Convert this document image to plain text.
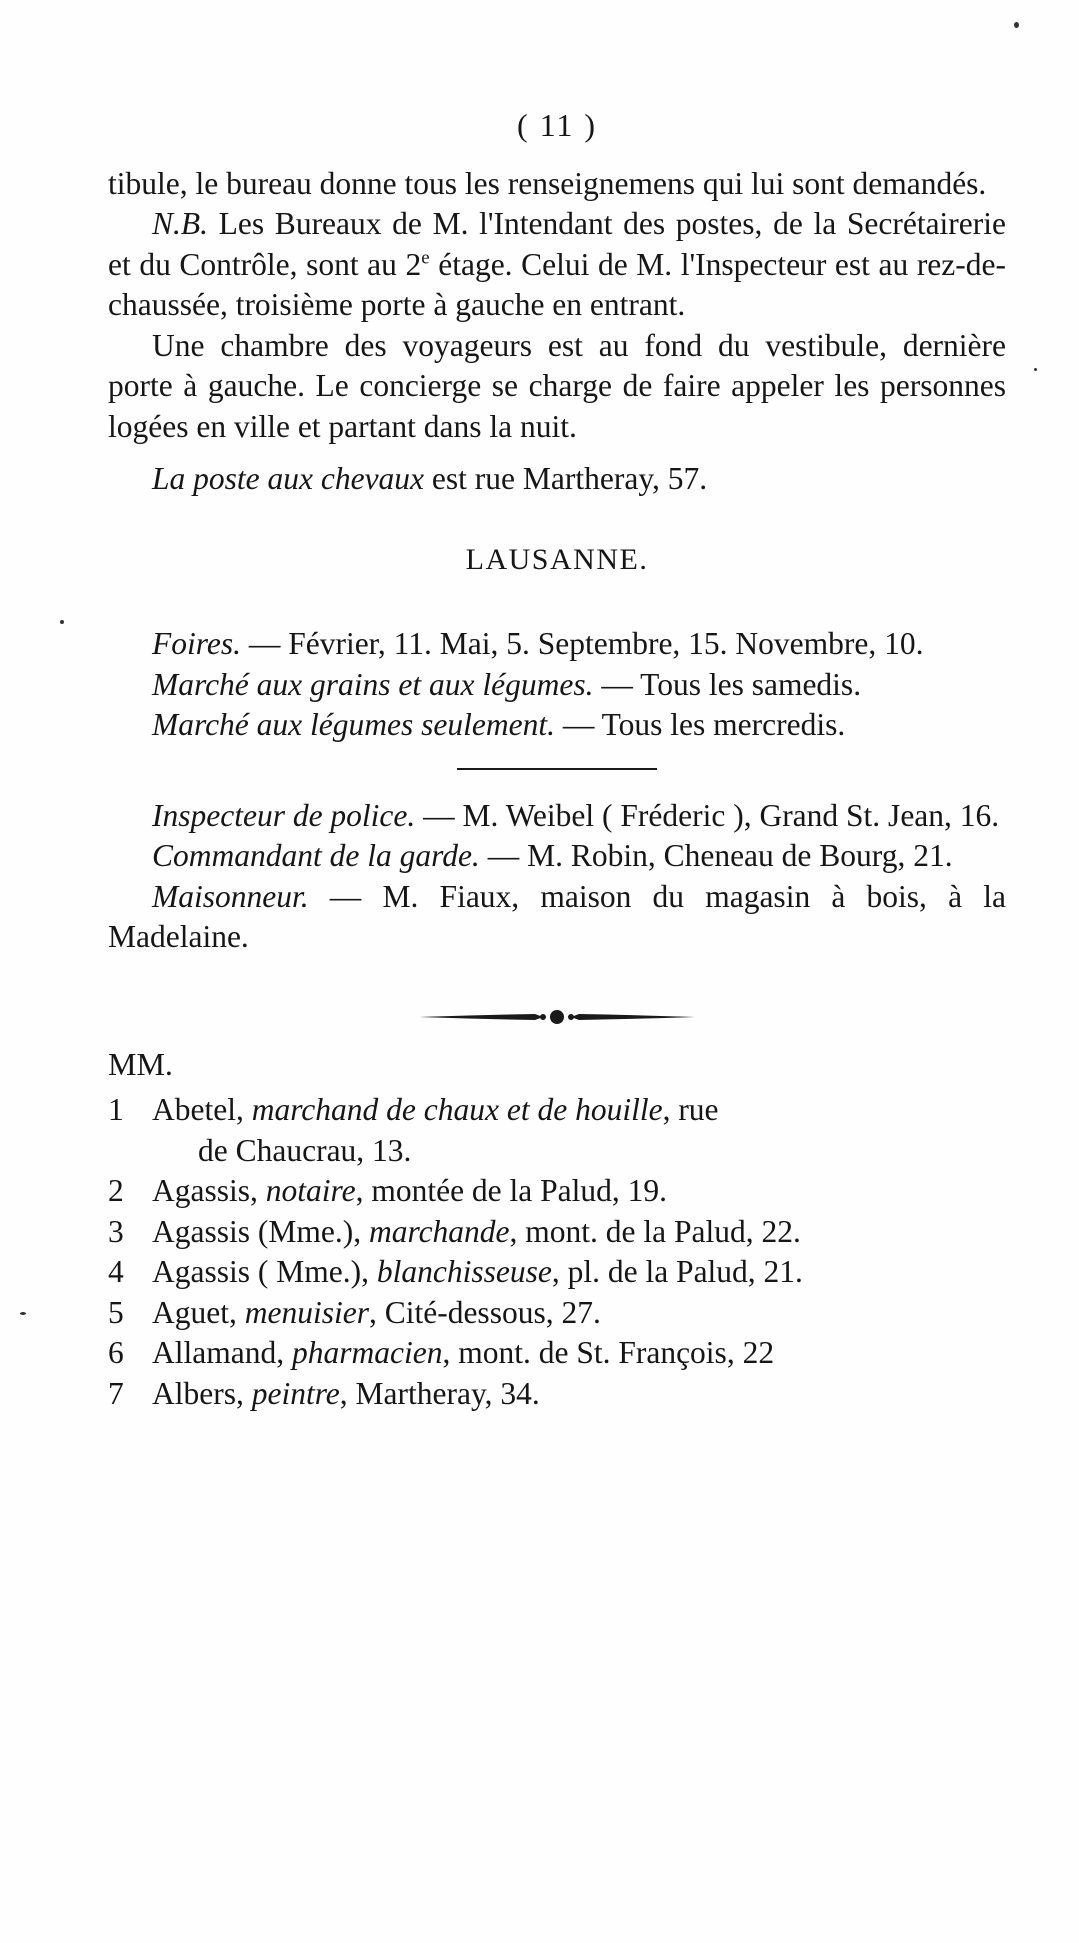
( 11 )

tibule, le bureau donne tous les renseignemens qui lui sont demandés.

N.B. Les Bureaux de M. l'Intendant des postes, de la Secrétairerie et du Contrôle, sont au 2e étage. Celui de M. l'Inspecteur est au rez-de-chaussée, troisième porte à gauche en entrant.

Une chambre des voyageurs est au fond du vestibule, dernière porte à gauche. Le concierge se charge de faire appeler les personnes logées en ville et partant dans la nuit.

La poste aux chevaux est rue Martheray, 57.

LAUSANNE.

Foires. — Février, 11. Mai, 5. Septembre, 15. Novembre, 10.

Marché aux grains et aux légumes. — Tous les samedis.

Marché aux légumes seulement. — Tous les mercredis.

Inspecteur de police. — M. Weibel ( Fréderic ), Grand St. Jean, 16.

Commandant de la garde. — M. Robin, Cheneau de Bourg, 21.

Maisonneur. — M. Fiaux, maison du magasin à bois, à la Madelaine.

MM.
1 Abetel, marchand de chaux et de houille, rue
de Chaucrau, 13.
2 Agassis, notaire, montée de la Palud, 19.
3 Agassis (Mme.), marchande, mont. de la Palud, 22.
4 Agassis ( Mme.), blanchisseuse, pl. de la Palud, 21.
5 Aguet, menuisier, Cité-dessous, 27.
6 Allamand, pharmacien, mont. de St. François, 22
7 Albers, peintre, Martheray, 34.
